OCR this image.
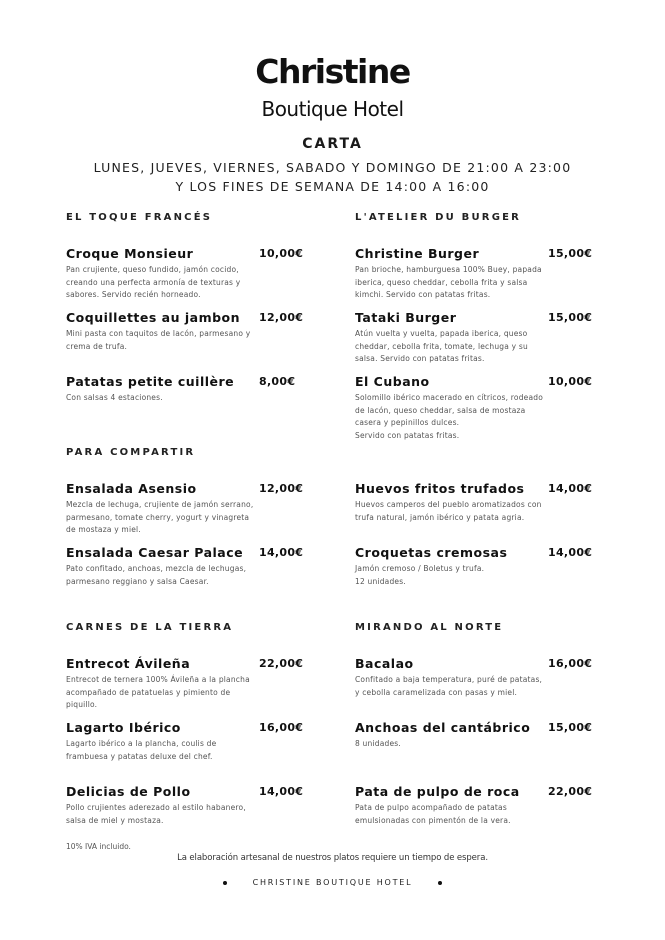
Christine
Boutique Hotel
CARTA
LUNES, JUEVES, VIERNES, SABADO Y DOMINGO DE 21:00 A 23:00
Y LOS FINES DE SEMANA DE 14:00 A 16:00
EL TOQUE FRANCÉS	L'ATELIER DU BURGER
PARA COMPARTIR
CARNES DE LA TIERRA	MIRANDO AL NORTE
Croque Monsieur
Pan crujiente, queso fundido, jamón cocido,
creando una perfecta armonía de texturas y
sabores. Servido recién horneado.
10,00€
Coquillettes au jambon
Mini pasta con taquitos de lacón, parmesano y
crema de trufa.
12,00€
Patatas petite cuillère
Con salsas 4 estaciones.
8,00€
Ensalada Asensio
Mezcla de lechuga, crujiente de jamón serrano,
parmesano, tomate cherry, yogurt y vinagreta
de mostaza y miel.
12,00€
Ensalada Caesar Palace
Pato confitado, anchoas, mezcla de lechugas,
parmesano reggiano y salsa Caesar.
14,00€
Entrecot Ávileña
Entrecot de ternera 100% Ávileña a la plancha
acompañado de patatuelas y pimiento de
piquillo.
22,00€
Lagarto Ibérico
Lagarto ibérico a la plancha, coulis de
frambuesa y patatas deluxe del chef.
16,00€
Delicias de Pollo
Pollo crujientes aderezado al estilo habanero,
salsa de miel y mostaza.
14,00€
Christine Burger
Pan brioche, hamburguesa 100% Buey, papada
iberica, queso cheddar, cebolla frita y salsa
kimchi. Servido con patatas fritas.
15,00€
Tataki Burger
Atún vuelta y vuelta, papada iberica, queso
cheddar, cebolla frita, tomate, lechuga y su
salsa. Servido con patatas fritas.
15,00€
El Cubano
Solomillo ibérico macerado en cítricos, rodeado
de lacón, queso cheddar, salsa de mostaza
casera y pepinillos dulces.
Servido con patatas fritas.
10,00€
Huevos fritos trufados
Huevos camperos del pueblo aromatizados con
trufa natural, jamón ibérico y patata agria.
14,00€
Croquetas cremosas
Jamón cremoso / Boletus y trufa.
12 unidades.
14,00€
Bacalao
Confitado a baja temperatura, puré de patatas,
y cebolla caramelizada con pasas y miel.
16,00€
Anchoas del cantábrico
8 unidades.
15,00€
Pata de pulpo de roca
Pata de pulpo acompañado de patatas
emulsionadas con pimentón de la vera.
22,00€
10% IVA incluido.
La elaboración artesanal de nuestros platos requiere un tiempo de espera.
CHRISTINE BOUTIQUE HOTEL
